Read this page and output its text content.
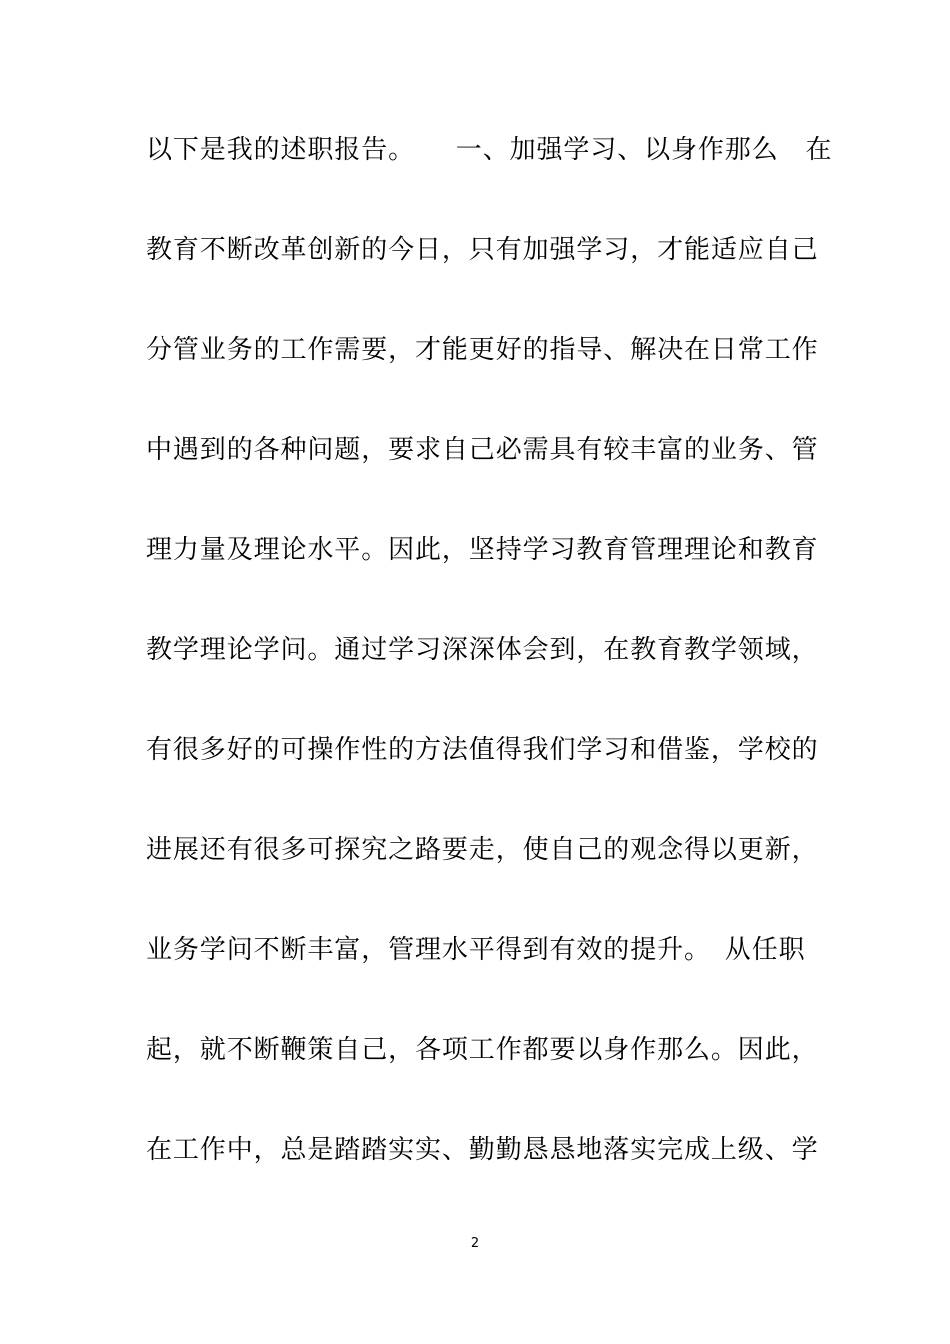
以下是我的述职报告。　　一、加强学习、以身作那么　在
教育不断改革创新的今日，只有加强学习，才能适应自己
分管业务的工作需要，才能更好的指导、解决在日常工作
中遇到的各种问题，要求自己必需具有较丰富的业务、管
理力量及理论水平。因此，坚持学习教育管理理论和教育
教学理论学问。通过学习深深体会到，在教育教学领域，
有很多好的可操作性的方法值得我们学习和借鉴，学校的
进展还有很多可探究之路要走，使自己的观念得以更新，
业务学问不断丰富，管理水平得到有效的提升。　从任职
起，就不断鞭策自己，各项工作都要以身作那么。因此，
在工作中，总是踏踏实实、勤勤恳恳地落实完成上级、学
2
